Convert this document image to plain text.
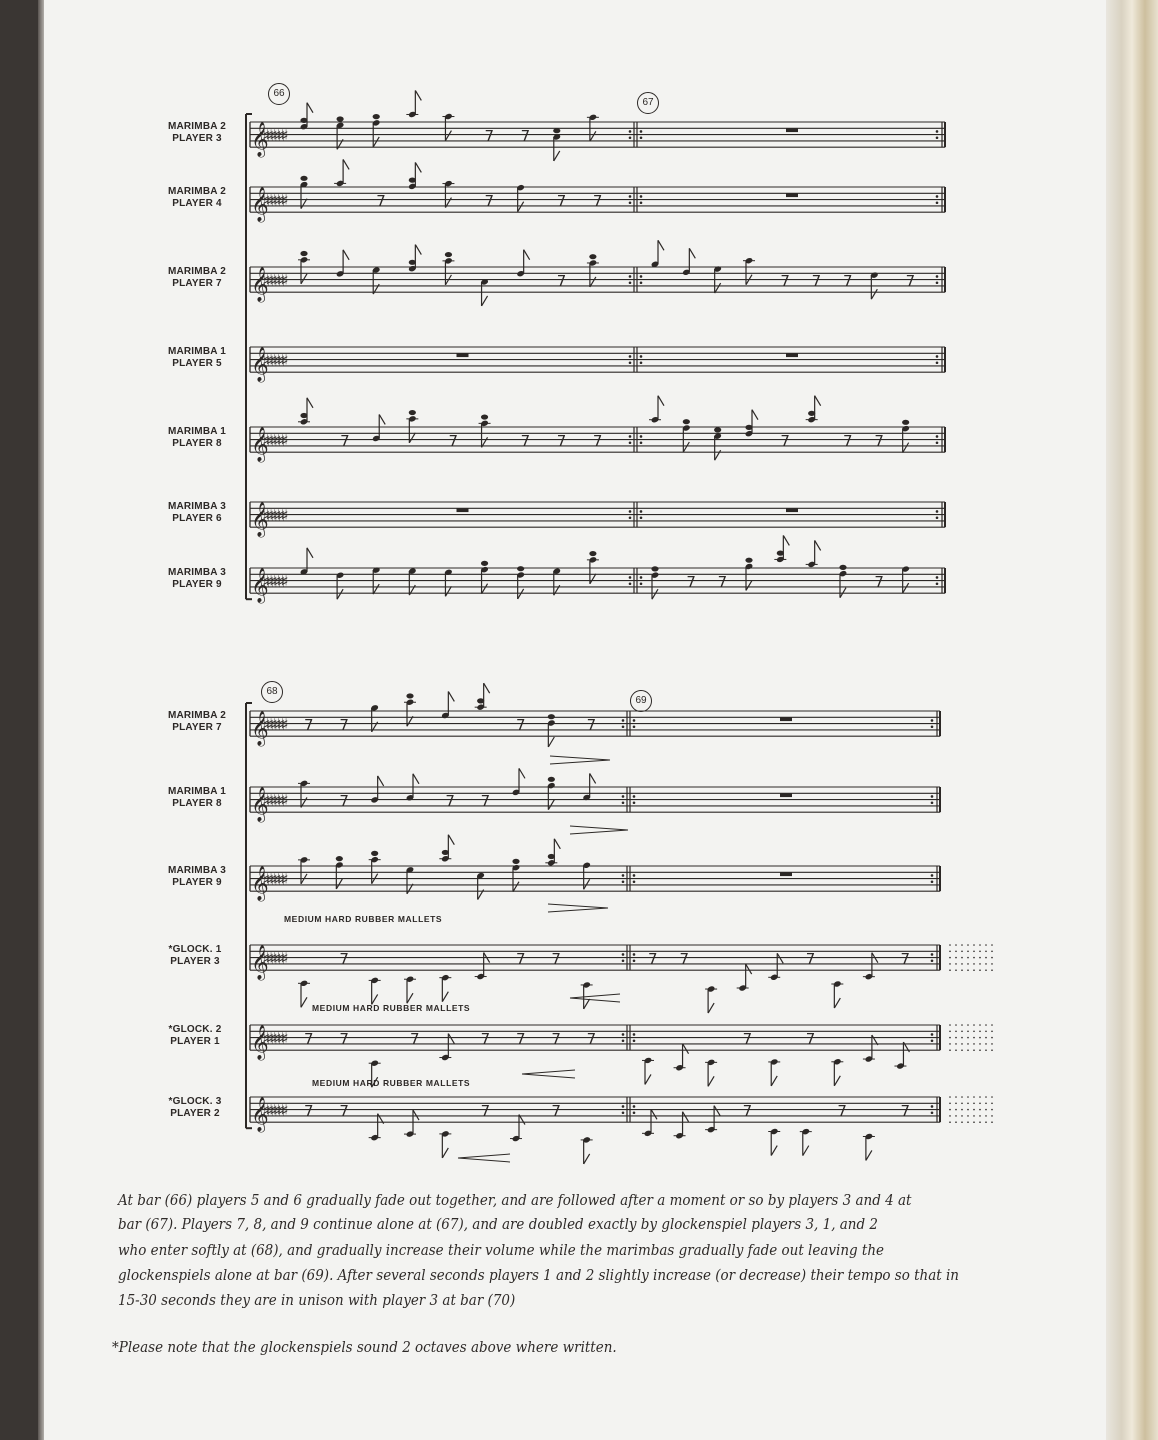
𝄞
♯♯♯♯♯♯	7 7
𝄞
♯♯♯♯♯♯	7	7	7 7
𝄞
♯♯♯♯♯♯	7	7 7 7	7
𝄞
♯♯♯♯♯♯
𝄞
♯♯♯♯♯♯	7	7	7 7 7	7	7 7
𝄞
♯♯♯♯♯♯
𝄞
♯♯♯♯♯♯	7 7	7
𝄞
♯♯♯♯♯♯ 7 7	7	7
𝄞
♯♯♯♯♯♯	7	7 7
𝄞
♯♯♯♯♯♯
𝄞
♯♯♯♯♯♯	7	7 7	7 7	7	7
𝄞
♯♯♯♯♯♯ 7 7	7	7 7 7 7	7	7
𝄞
♯♯♯♯♯♯ 7 7	7	7	7	7	7
MARIMBA 2
PLAYER 3
MARIMBA 2
PLAYER 4
MARIMBA 2
PLAYER 7
MARIMBA 1
PLAYER 5
MARIMBA 1
PLAYER 8
MARIMBA 3
PLAYER 6
MARIMBA 3
PLAYER 9
MARIMBA 2
PLAYER 7
MARIMBA 1
PLAYER 8
MARIMBA 3
PLAYER 9
*GLOCK. 1
PLAYER 3
*GLOCK. 2
PLAYER 1
*GLOCK. 3
PLAYER 2
66
67
68
69
MEDIUM HARD RUBBER MALLETS
MEDIUM HARD RUBBER MALLETS
MEDIUM HARD RUBBER MALLETS
At bar (66) players 5 and 6 gradually fade out together, and are followed after a moment or so by players 3 and 4 at
bar (67). Players 7, 8, and 9 continue alone at (67), and are doubled exactly by glockenspiel players 3, 1, and 2
who enter softly at (68), and gradually increase their volume while the marimbas gradually fade out leaving the
glockenspiels alone at bar (69). After several seconds players 1 and 2 slightly increase (or decrease) their tempo so that in
15-30 seconds they are in unison with player 3 at bar (70)
*Please note that the glockenspiels sound 2 octaves above where written.
